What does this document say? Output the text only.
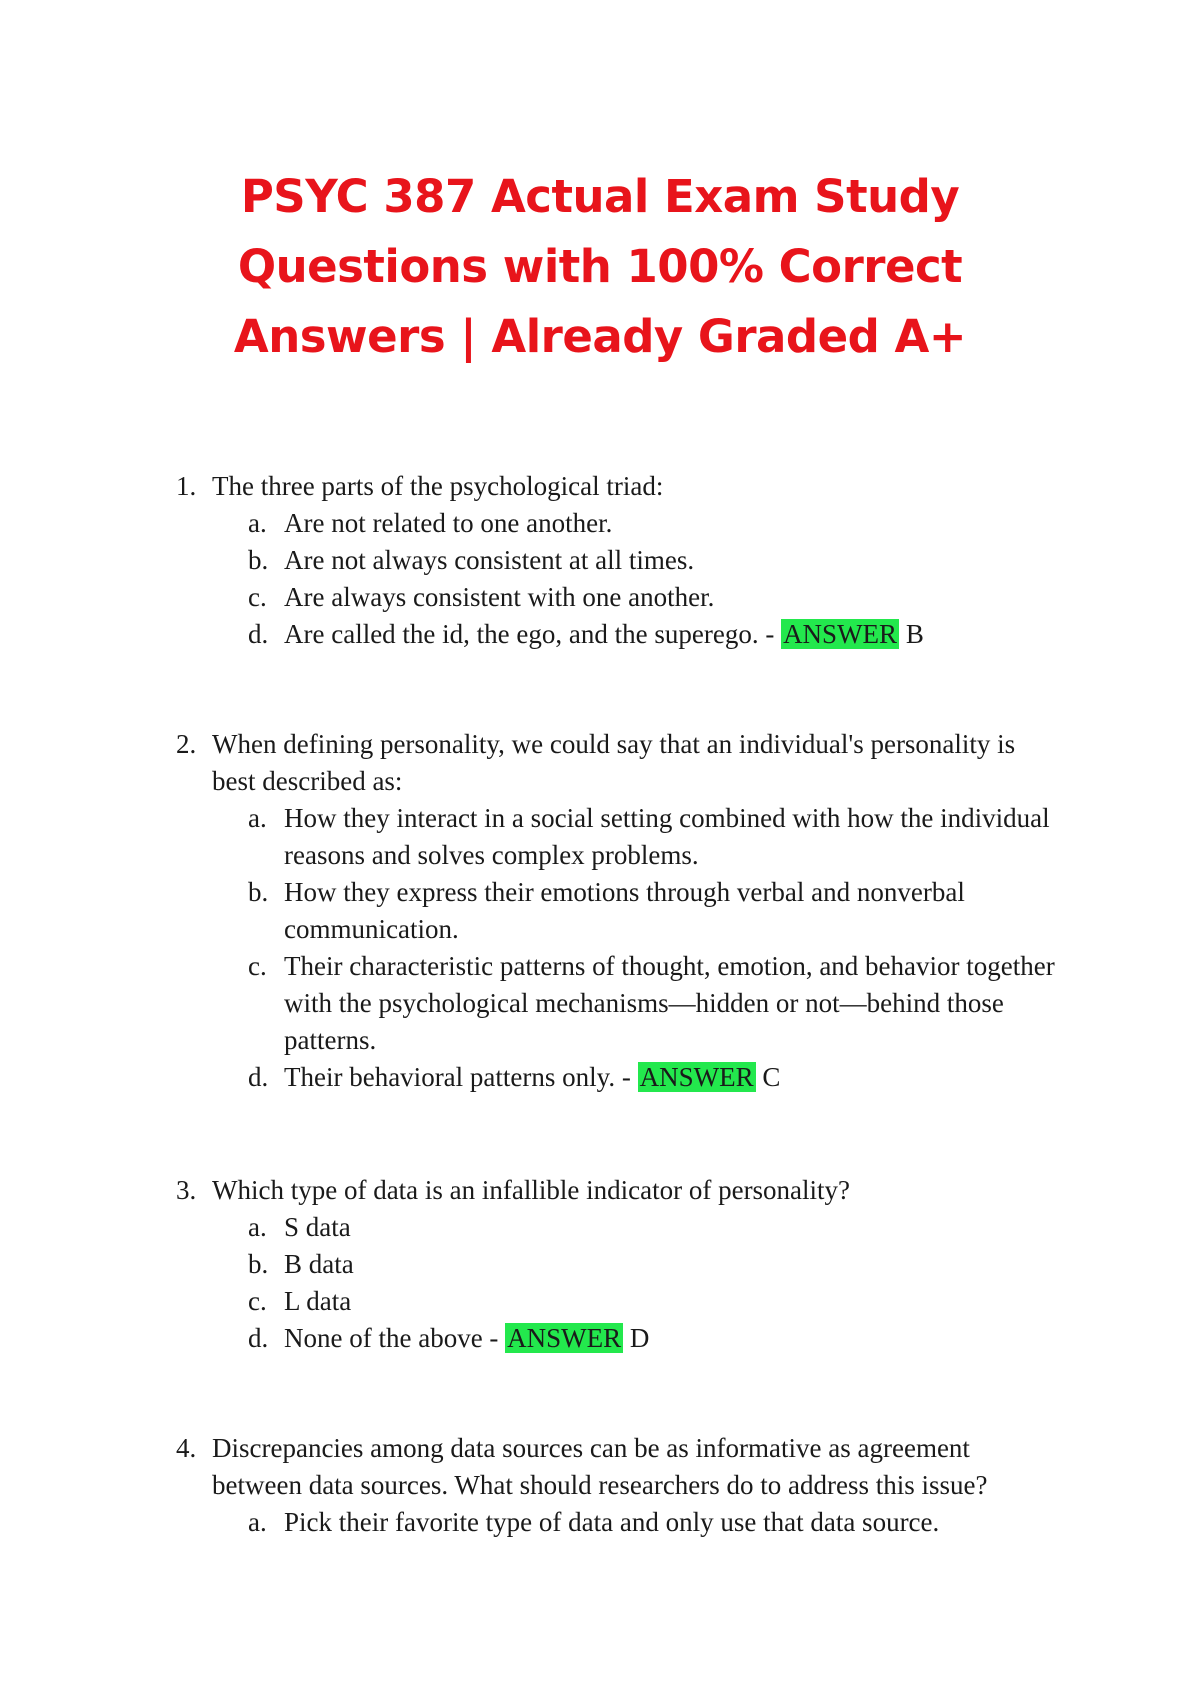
PSYC 387 Actual Exam Study Questions with 100% Correct Answers | Already Graded A+
1. The three parts of the psychological triad:
a. Are not related to one another.
b. Are not always consistent at all times.
c. Are always consistent with one another.
d. Are called the id, the ego, and the superego. - ANSWER B
2. When defining personality, we could say that an individual's personality is best described as:
a. How they interact in a social setting combined with how the individual reasons and solves complex problems.
b. How they express their emotions through verbal and nonverbal communication.
c. Their characteristic patterns of thought, emotion, and behavior together with the psychological mechanisms—hidden or not—behind those patterns.
d. Their behavioral patterns only. - ANSWER C
3. Which type of data is an infallible indicator of personality?
a. S data
b. B data
c. L data
d. None of the above - ANSWER D
4. Discrepancies among data sources can be as informative as agreement between data sources. What should researchers do to address this issue?
a. Pick their favorite type of data and only use that data source.
